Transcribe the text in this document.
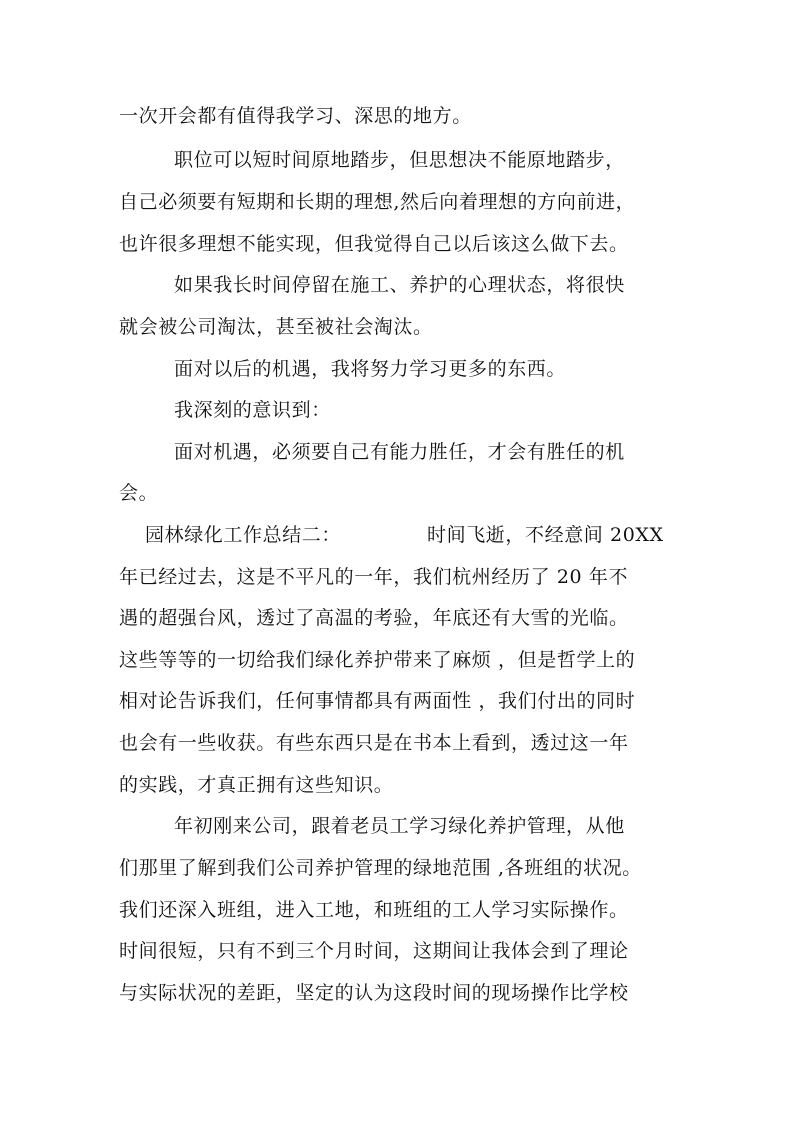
一次开会都有值得我学习、深思的地方。
职位可以短时间原地踏步，但思想决不能原地踏步，
自己必须要有短期和长期的理想,然后向着理想的方向前进，
也许很多理想不能实现，但我觉得自己以后该这么做下去。
如果我长时间停留在施工、养护的心理状态，将很快
就会被公司淘汰，甚至被社会淘汰。
面对以后的机遇，我将努力学习更多的东西。
我深刻的意识到：
面对机遇，必须要自己有能力胜任，才会有胜任的机
会。
园林绿化工作总结二：	时间飞逝，不经意间 20XX
年已经过去，这是不平凡的一年，我们杭州经历了 20 年不
遇的超强台风，透过了高温的考验，年底还有大雪的光临。
这些等等的一切给我们绿化养护带来了麻烦 ，但是哲学上的
相对论告诉我们，任何事情都具有两面性 ，我们付出的同时
也会有一些收获。有些东西只是在书本上看到，透过这一年
的实践，才真正拥有这些知识。
年初刚来公司，跟着老员工学习绿化养护管理，从他
们那里了解到我们公司养护管理的绿地范围 ,各班组的状况。
我们还深入班组，进入工地，和班组的工人学习实际操作。
时间很短，只有不到三个月时间，这期间让我体会到了理论
与实际状况的差距，坚定的认为这段时间的现场操作比学校
